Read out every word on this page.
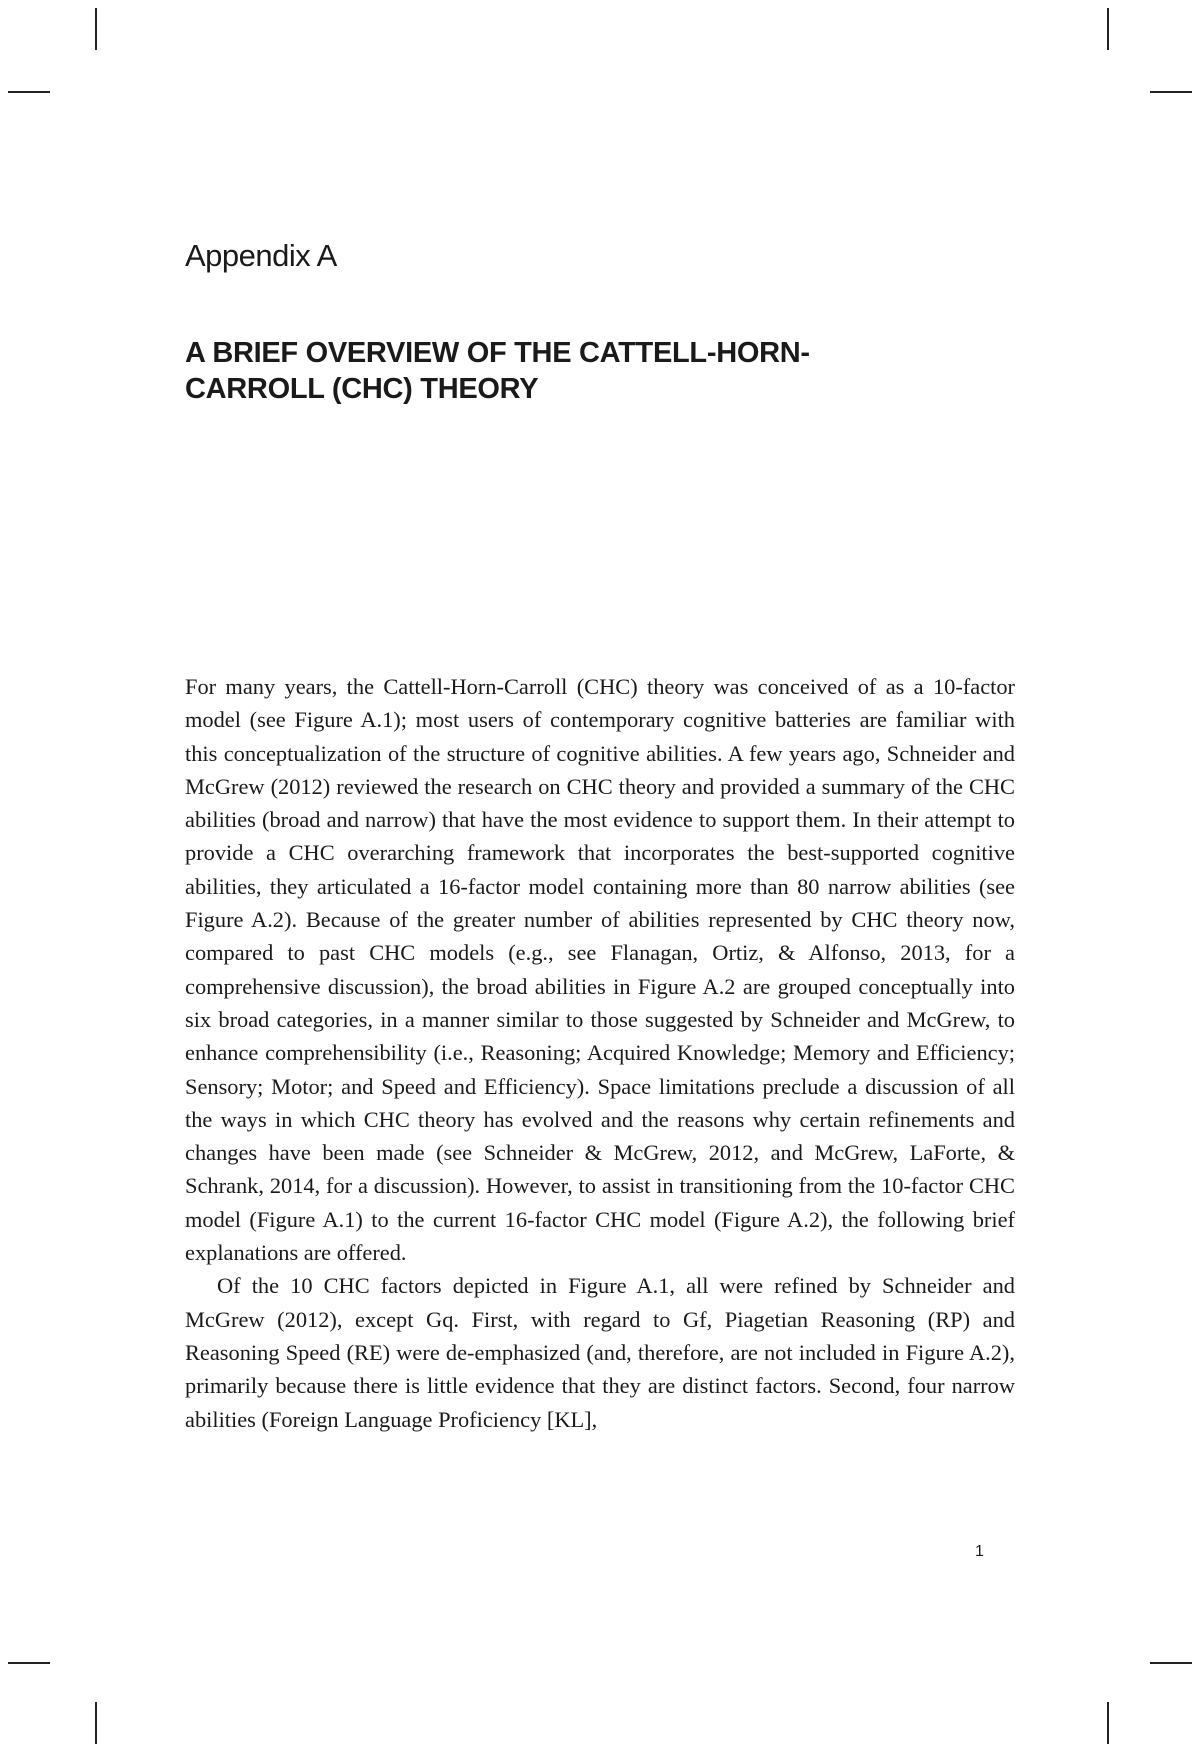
Appendix A
A BRIEF OVERVIEW OF THE CATTELL-HORN-
CARROLL (CHC) THEORY

For many years, the Cattell-Horn-Carroll (CHC) theory was conceived of as a 10-factor model (see Figure A.1); most users of contemporary cognitive batteries are familiar with this conceptualization of the structure of cognitive abilities. A few years ago, Schneider and McGrew (2012) reviewed the research on CHC theory and provided a summary of the CHC abilities (broad and narrow) that have the most evidence to support them. In their attempt to provide a CHC overarching framework that incorporates the best-supported cognitive abilities, they articulated a 16-factor model containing more than 80 narrow abilities (see Figure A.2). Because of the greater number of abilities represented by CHC theory now, compared to past CHC models (e.g., see Flanagan, Ortiz, & Alfonso, 2013, for a comprehensive discussion), the broad abilities in Figure A.2 are grouped conceptually into six broad categories, in a manner similar to those suggested by Schneider and McGrew, to enhance comprehensibility (i.e., Reasoning; Acquired Knowledge; Memory and Efficiency; Sensory; Motor; and Speed and Efficiency). Space limitations preclude a discussion of all the ways in which CHC theory has evolved and the reasons why certain refinements and changes have been made (see Schneider & McGrew, 2012, and McGrew, LaForte, & Schrank, 2014, for a discussion). However, to assist in transitioning from the 10-factor CHC model (Figure A.1) to the current 16-factor CHC model (Figure A.2), the following brief explanations are offered.

Of the 10 CHC factors depicted in Figure A.1, all were refined by Schneider and McGrew (2012), except Gq. First, with regard to Gf, Piagetian Reasoning (RP) and Reasoning Speed (RE) were de-emphasized (and, therefore, are not included in Figure A.2), primarily because there is little evidence that they are distinct factors. Second, four narrow abilities (Foreign Language Proficiency [KL],

1
